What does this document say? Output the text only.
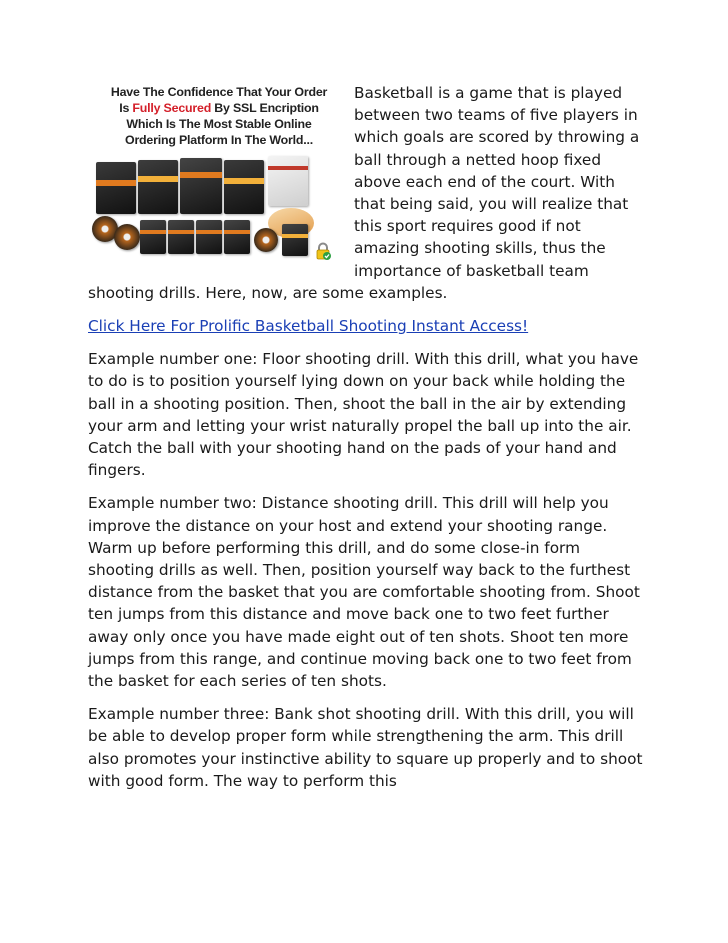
Have The Confidence That Your Order
Is Fully Secured By SSL Encription
Which Is The Most Stable Online
Ordering Platform In The World...

Basketball is a game that is played between two teams of five players in which goals are scored by throwing a ball through a netted hoop fixed above each end of the court. With that being said, you will realize that this sport requires good if not amazing shooting skills, thus the importance of basketball team shooting drills. Here, now, are some examples.

Click Here For Prolific Basketball Shooting Instant Access!

Example number one: Floor shooting drill. With this drill, what you have to do is to position yourself lying down on your back while holding the ball in a shooting position. Then, shoot the ball in the air by extending your arm and letting your wrist naturally propel the ball up into the air. Catch the ball with your shooting hand on the pads of your hand and fingers.

Example number two: Distance shooting drill. This drill will help you improve the distance on your host and extend your shooting range. Warm up before performing this drill, and do some close-in form shooting drills as well. Then, position yourself way back to the furthest distance from the basket that you are comfortable shooting from. Shoot ten jumps from this distance and move back one to two feet further away only once you have made eight out of ten shots. Shoot ten more jumps from this range, and continue moving back one to two feet from the basket for each series of ten shots.

Example number three: Bank shot shooting drill. With this drill, you will be able to develop proper form while strengthening the arm. This drill also promotes your instinctive ability to square up properly and to shoot with good form. The way to perform this
